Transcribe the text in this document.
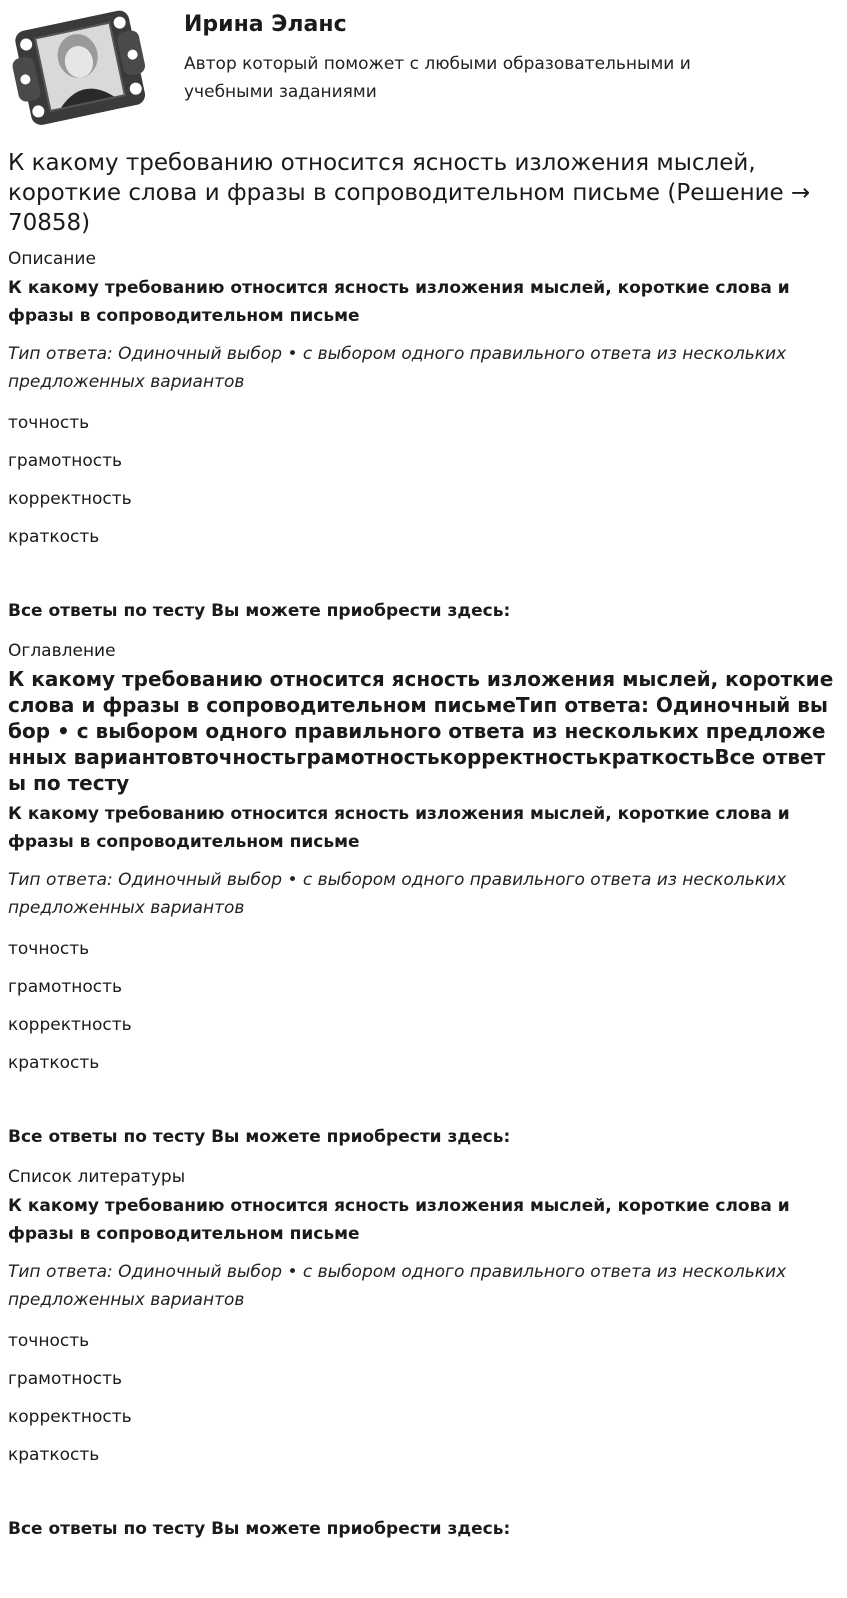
Ирина Эланс
Автор который поможет с любыми образовательными и учебными заданиями
К какому требованию относится ясность изложения мыслей, короткие слова и фразы в сопроводительном письме (Решение → 70858)
Описание
К какому требованию относится ясность изложения мыслей, короткие слова и фразы в сопроводительном письме
Тип ответа: Одиночный выбор • с выбором одного правильного ответа из нескольких предложенных вариантов
точность
грамотность
корректность
краткость
Все ответы по тесту Вы можете приобрести здесь:
Оглавление
К какому требованию относится ясность изложения мыслей, короткие слова и фразы в сопроводительном письмеТип ответа: Одиночный выбор • с выбором одного правильного ответа из нескольких предложенных вариантовточностьграмотностькорректностькраткостьВсе ответы по тесту
К какому требованию относится ясность изложения мыслей, короткие слова и фразы в сопроводительном письме
Тип ответа: Одиночный выбор • с выбором одного правильного ответа из нескольких предложенных вариантов
точность
грамотность
корректность
краткость
Все ответы по тесту Вы можете приобрести здесь:
Список литературы
К какому требованию относится ясность изложения мыслей, короткие слова и фразы в сопроводительном письме
Тип ответа: Одиночный выбор • с выбором одного правильного ответа из нескольких предложенных вариантов
точность
грамотность
корректность
краткость
Все ответы по тесту Вы можете приобрести здесь:
